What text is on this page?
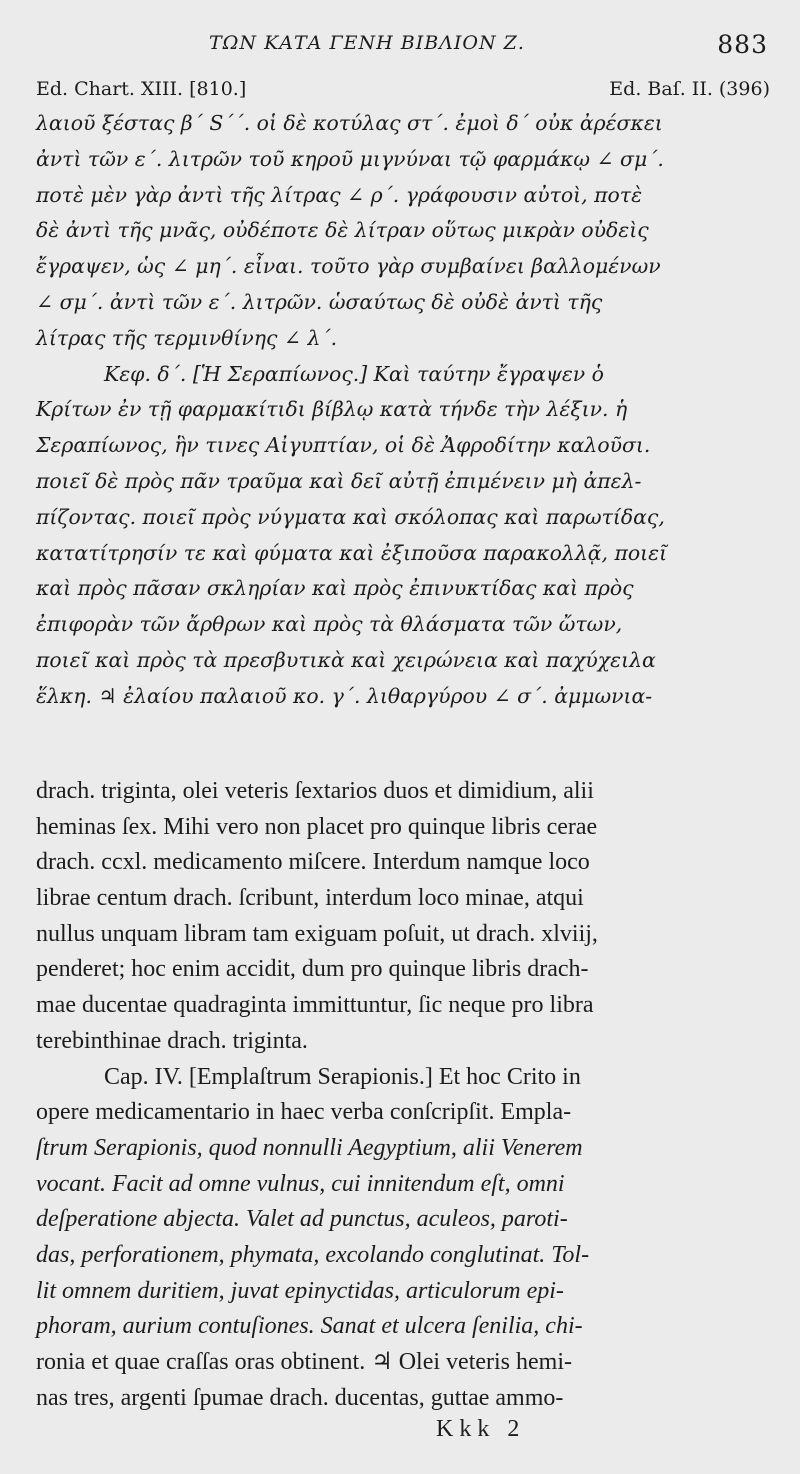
ΤΩΝ ΚΑΤΑ ΓΕΝΗ ΒΙΒΛΙΟΝ Ζ.	883
Ed. Chart. XIII. [810.]	Ed. Baſ. II. (396)
λαιοῦ ξέστας β΄ S΄΄. οἱ δὲ κοτύλας στ΄. ἐμοὶ δ΄ οὐκ ἀρέσκει
ἀντὶ τῶν ε΄. λιτρῶν τοῦ κηροῦ μιγνύναι τῷ φαρμάκῳ ∠ σμ΄.
ποτὲ μὲν γὰρ ἀντὶ τῆς λίτρας ∠ ρ΄. γράφουσιν αὐτοὶ, ποτὲ
δὲ ἀντὶ τῆς μνᾶς, οὐδέποτε δὲ λίτραν οὕτως μικρὰν οὐδεὶς
ἔγραψεν, ὡς ∠ μη΄. εἶναι. τοῦτο γὰρ συμβαίνει βαλλομένων
∠ σμ΄. ἀντὶ τῶν ε΄. λιτρῶν. ὡσαύτως δὲ οὐδὲ ἀντὶ τῆς
λίτρας τῆς τερμινθίνης ∠ λ΄.
Κεφ. δ΄. [Ἡ Σεραπίωνος.] Καὶ ταύτην ἔγραψεν ὁ
Κρίτων ἐν τῇ φαρμακίτιδι βίβλῳ κατὰ τήνδε τὴν λέξιν. ἡ
Σεραπίωνος, ἣν τινες Αἰγυπτίαν, οἱ δὲ Ἀφροδίτην καλοῦσι.
ποιεῖ δὲ πρὸς πᾶν τραῦμα καὶ δεῖ αὐτῇ ἐπιμένειν μὴ ἀπελ-
πίζοντας. ποιεῖ πρὸς νύγματα καὶ σκόλοπας καὶ παρωτίδας,
κατατίτρησίν τε καὶ φύματα καὶ ἐξιποῦσα παρακολλᾷ, ποιεῖ
καὶ πρὸς πᾶσαν σκληρίαν καὶ πρὸς ἐπινυκτίδας καὶ πρὸς
ἐπιφορὰν τῶν ἄρθρων καὶ πρὸς τὰ θλάσματα τῶν ὤτων,
ποιεῖ καὶ πρὸς τὰ πρεσβυτικὰ καὶ χειρώνεια καὶ παχύχειλα
ἕλκη. ♃ ἐλαίου παλαιοῦ κο. γ΄. λιθαργύρου ∠ σ΄. ἀμμωνια-
drach. triginta, olei veteris ſextarios duos et dimidium, alii
heminas ſex. Mihi vero non placet pro quinque libris cerae
drach. ccxl. medicamento miſcere. Interdum namque loco
librae centum drach. ſcribunt, interdum loco minae, atqui
nullus unquam libram tam exiguam poſuit, ut drach. xlviij,
penderet; hoc enim accidit, dum pro quinque libris drach-
mae ducentae quadraginta immittuntur, ſic neque pro libra
terebinthinae drach. triginta.
Cap. IV. [Emplaſtrum Serapionis.] Et hoc Crito in
opere medicamentario in haec verba conſcripſit. Empla-
ſtrum Serapionis, quod nonnulli Aegyptium, alii Venerem
vocant. Facit ad omne vulnus, cui innitendum eſt, omni
deſperatione abjecta. Valet ad punctus, aculeos, paroti-
das, perforationem, phymata, excolando conglutinat. Tol-
lit omnem duritiem, juvat epinyctidas, articulorum epi-
phoram, aurium contuſiones. Sanat et ulcera ſenilia, chi-
ronia et quae craſſas oras obtinent. ♃ Olei veteris hemi-
nas tres, argenti ſpumae drach. ducentas, guttae ammo-
Kkk 2
